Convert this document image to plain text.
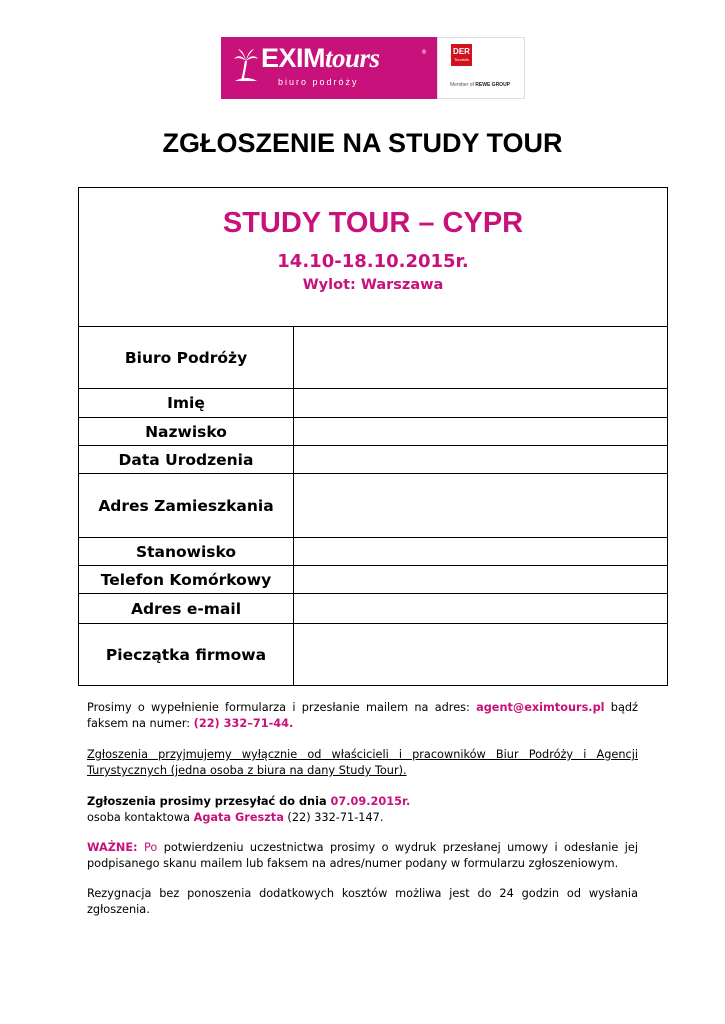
EXIMtours	®
biuro podróży
DER
Touristik
Member of REWE GROUP
ZGŁOSZENIE NA STUDY TOUR
STUDY TOUR – CYPR
14.10-18.10.2015r.
Wylot: Warszawa
Biuro Podróży
Imię
Nazwisko
Data Urodzenia
Adres Zamieszkania
Stanowisko
Telefon Komórkowy
Adres e-mail
Pieczątka firmowa
Prosimy o wypełnienie formularza i przesłanie mailem na adres: agent@eximtours.pl bądź faksem na numer: (22) 332–71-44.
Zgłoszenia przyjmujemy wyłącznie od właścicieli i pracowników Biur Podróży i Agencji Turystycznych (jedna osoba z biura na dany Study Tour).
Zgłoszenia prosimy przesyłać do dnia 07.09.2015r.
osoba kontaktowa Agata Greszta (22) 332-71-147.
WAŻNE: Po potwierdzeniu uczestnictwa prosimy o wydruk przesłanej umowy i odesłanie jej podpisanego skanu mailem lub faksem na adres/numer podany w formularzu zgłoszeniowym.
Rezygnacja bez ponoszenia dodatkowych kosztów możliwa jest do 24 godzin od wysłania zgłoszenia.
